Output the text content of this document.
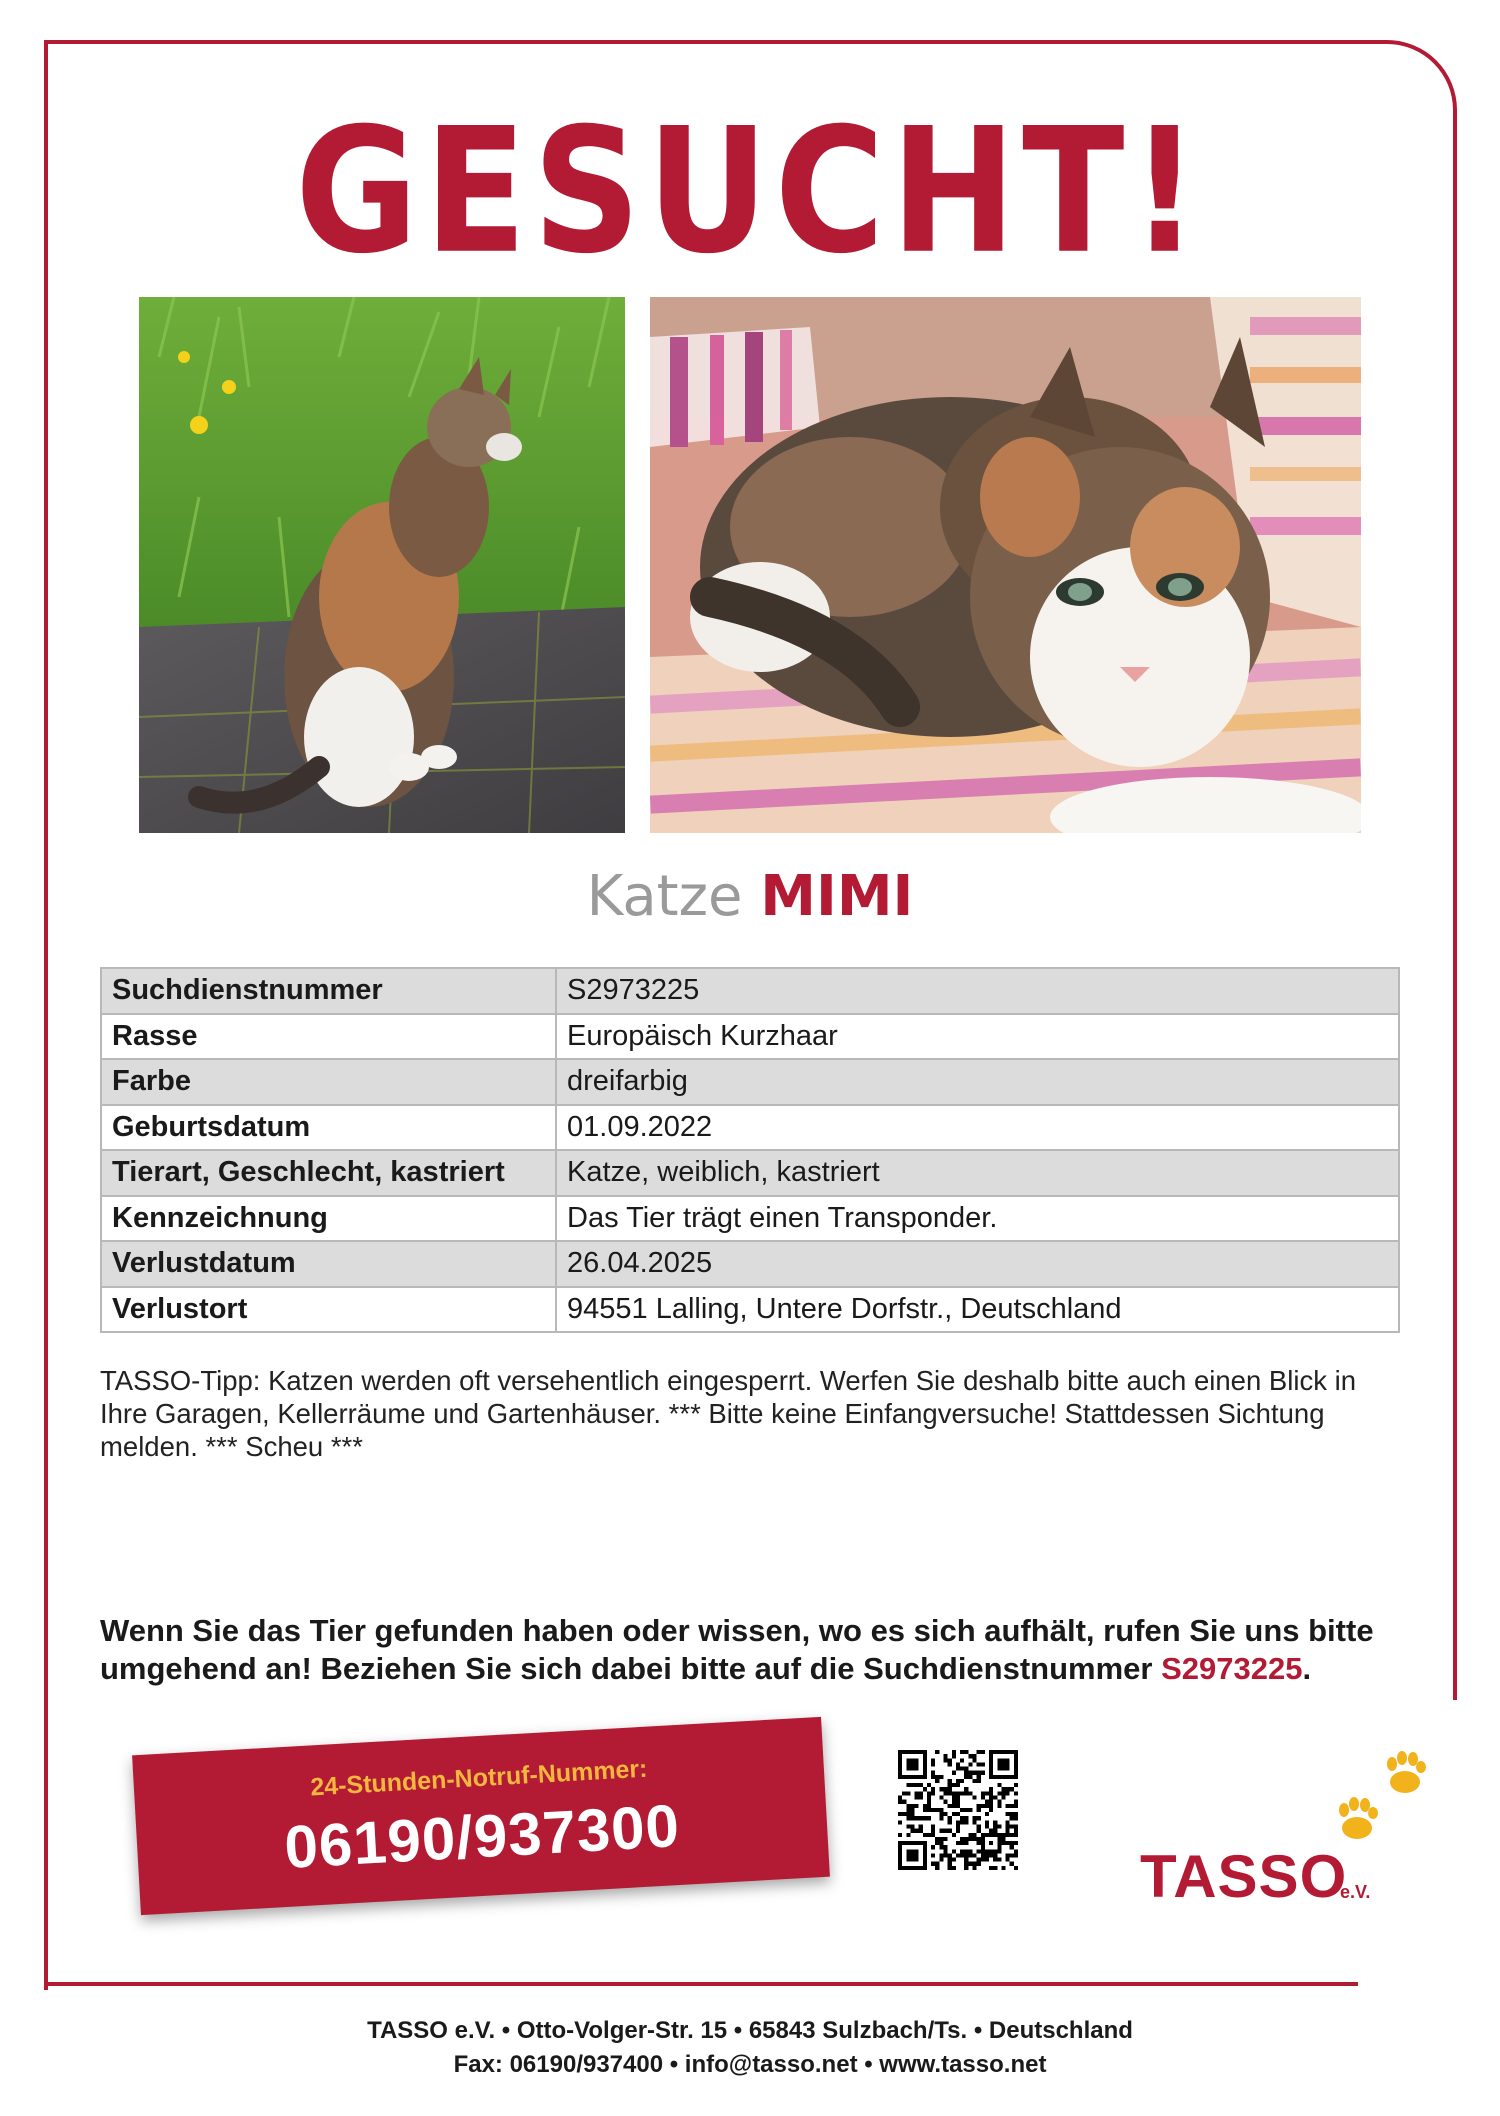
GESUCHT!
Katze MIMI
Suchdienstnummer	S2973225
Rasse	Europäisch Kurzhaar
Farbe	dreifarbig
Geburtsdatum	01.09.2022
Tierart, Geschlecht, kastriert	Katze, weiblich, kastriert
Kennzeichnung	Das Tier trägt einen Transponder.
Verlustdatum	26.04.2025
Verlustort	94551 Lalling, Untere Dorfstr., Deutschland
TASSO-Tipp: Katzen werden oft versehentlich eingesperrt. Werfen Sie deshalb bitte auch einen Blick in Ihre Garagen, Kellerräume und Gartenhäuser. *** Bitte keine Einfangversuche! Stattdessen Sichtung melden. *** Scheu ***
Wenn Sie das Tier gefunden haben oder wissen, wo es sich aufhält, rufen Sie uns bitte umgehend an! Beziehen Sie sich dabei bitte auf die Suchdienstnummer S2973225.
24-Stunden-Notruf-Nummer:
06190/937300	TASSO
e.V.
TASSO e.V. • Otto-Volger-Str. 15 • 65843 Sulzbach/Ts. • Deutschland
Fax: 06190/937400 • info@tasso.net • www.tasso.net
